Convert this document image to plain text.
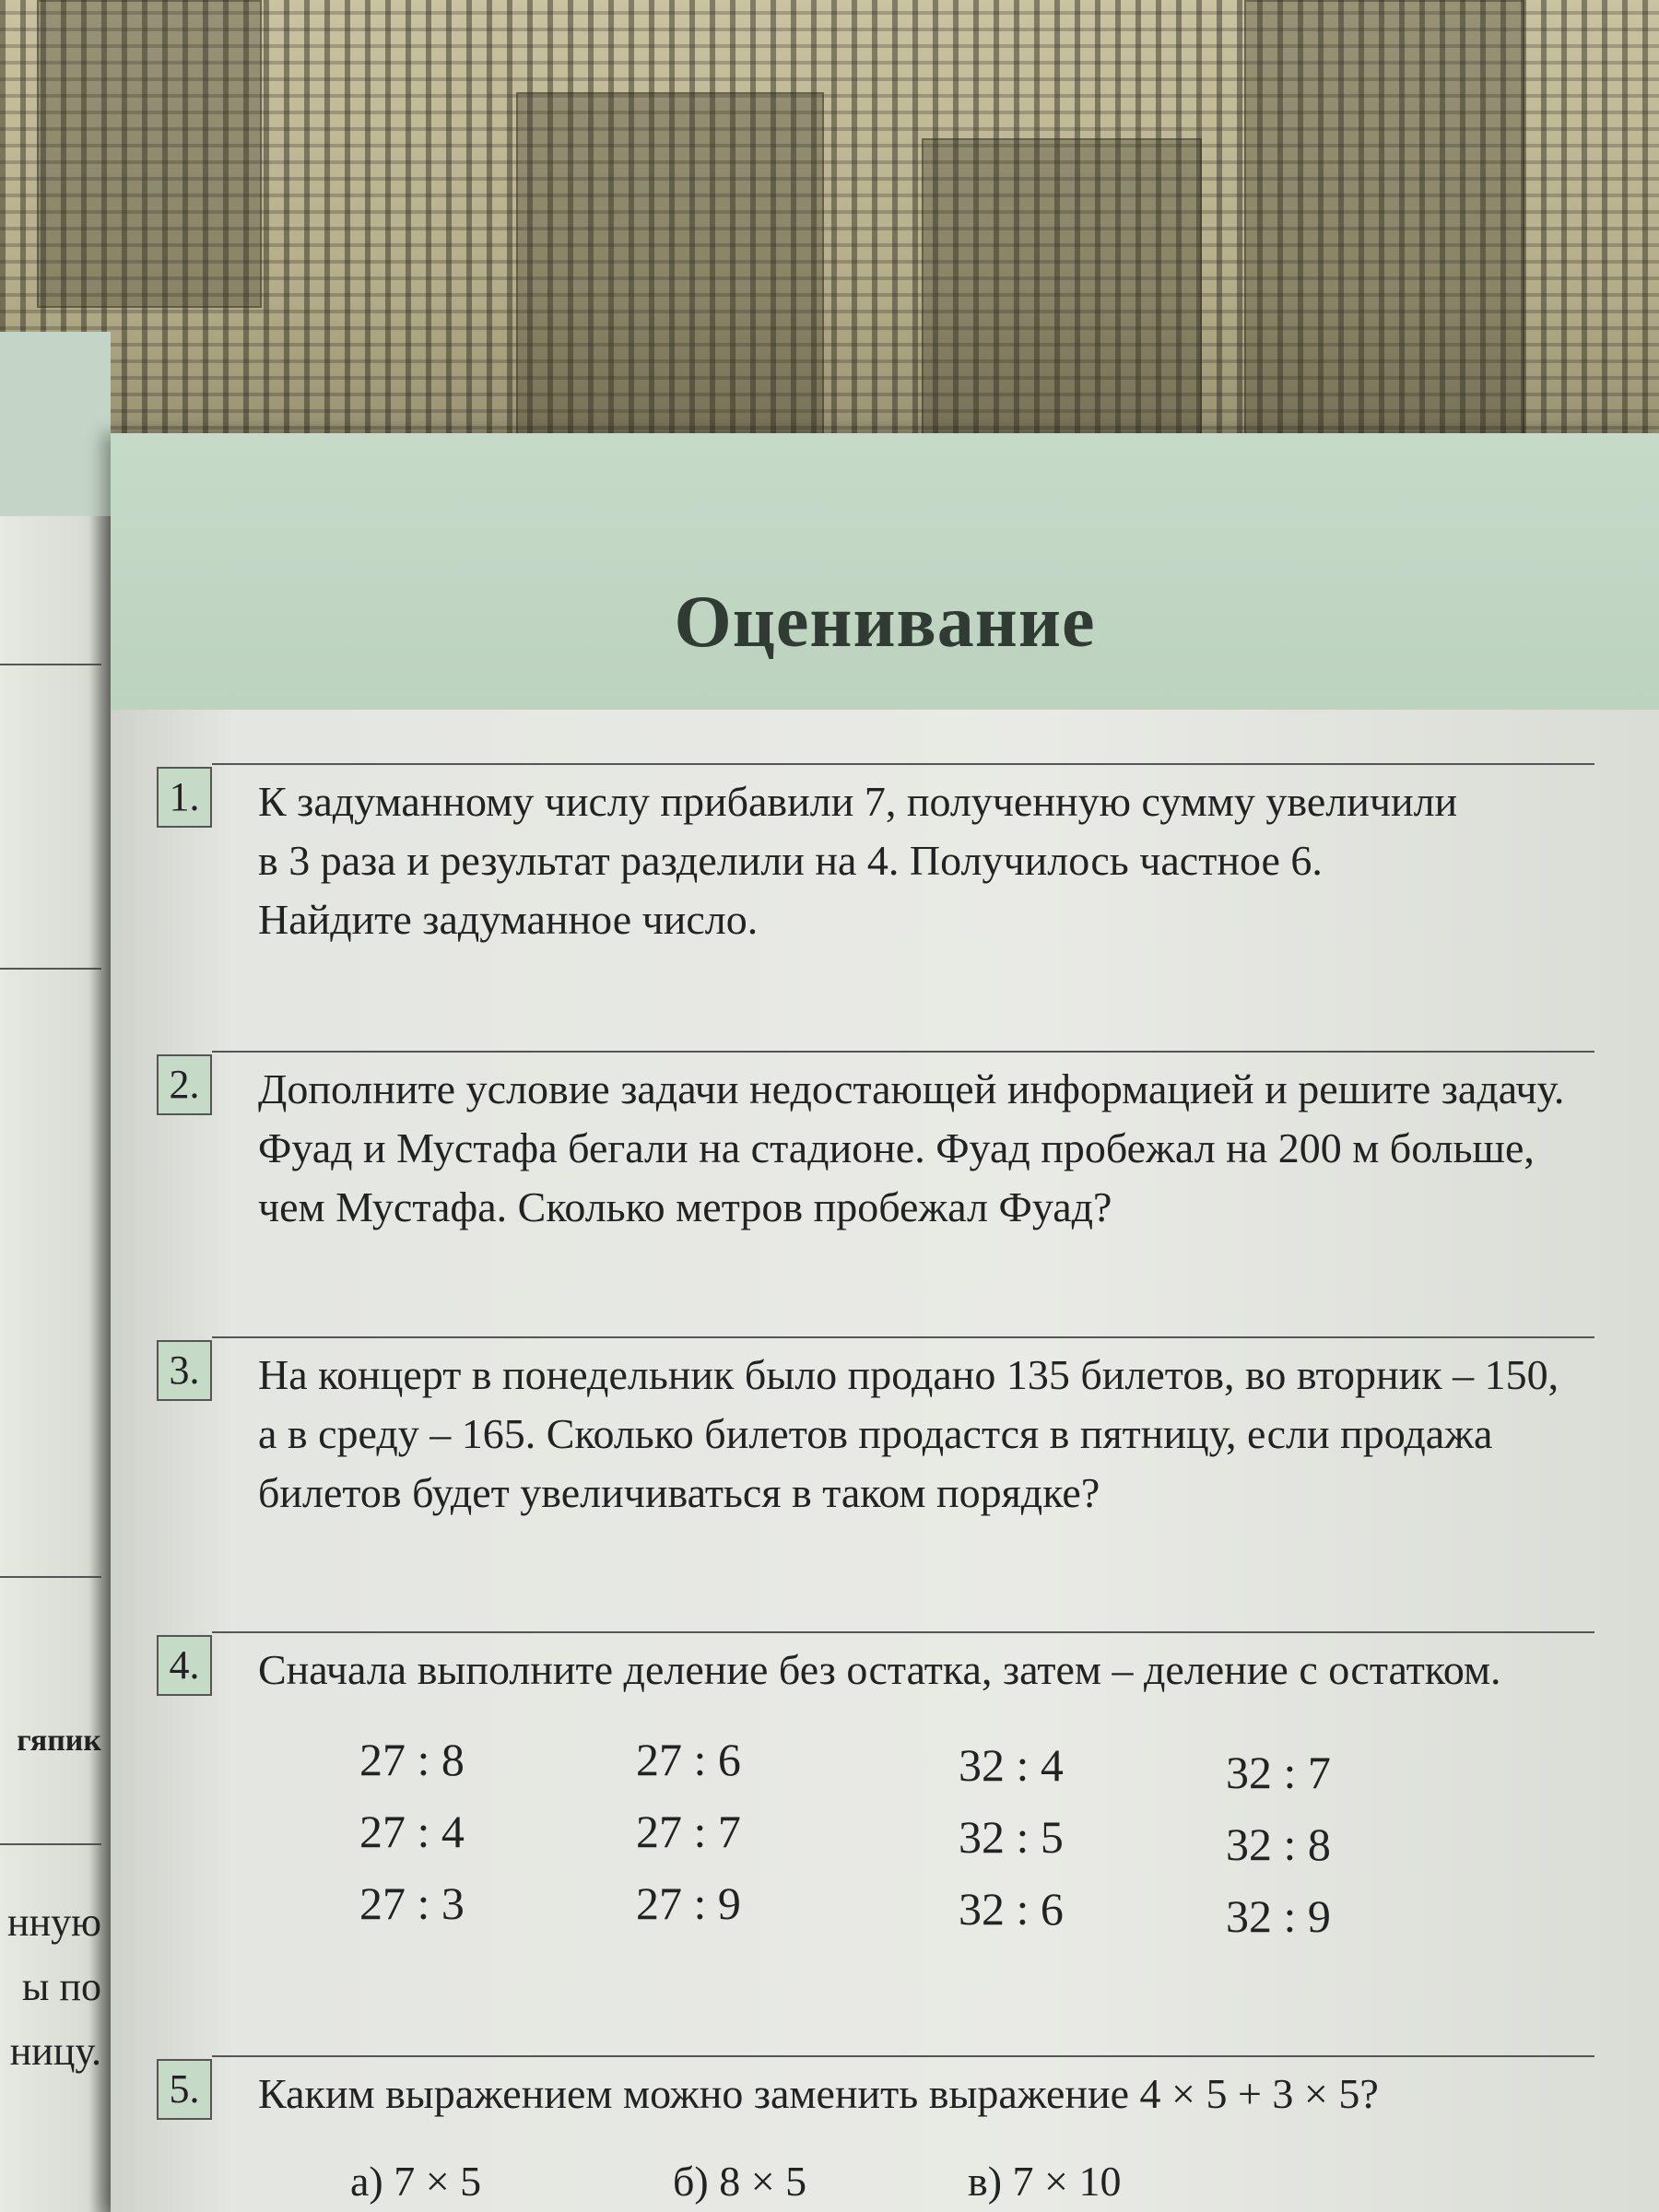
гяпик
нную
ы по
ницу.
Оценивание
1. К задуманному числу прибавили 7, полученную сумму увеличили
в 3 раза и результат разделили на 4. Получилось частное 6.
Найдите задуманное число.
2. Дополните условие задачи недостающей информацией и решите задачу.
Фуад и Мустафа бегали на стадионе. Фуад пробежал на 200 м больше,
чем Мустафа. Сколько метров пробежал Фуад?
3. На концерт в понедельник было продано 135 билетов, во вторник – 150,
а в среду – 165. Сколько билетов продастся в пятницу, если продажа
билетов будет увеличиваться в таком порядке?
4. Сначала выполните деление без остатка, затем – деление с остатком.
27 : 8
27 : 4
27 : 3
27 : 6
27 : 7
27 : 9
32 : 4
32 : 5
32 : 6
32 : 7
32 : 8
32 : 9
5. Каким выражением можно заменить выражение 4 × 5 + 3 × 5?
а) 7 × 5	б) 8 × 5	в) 7 × 10
